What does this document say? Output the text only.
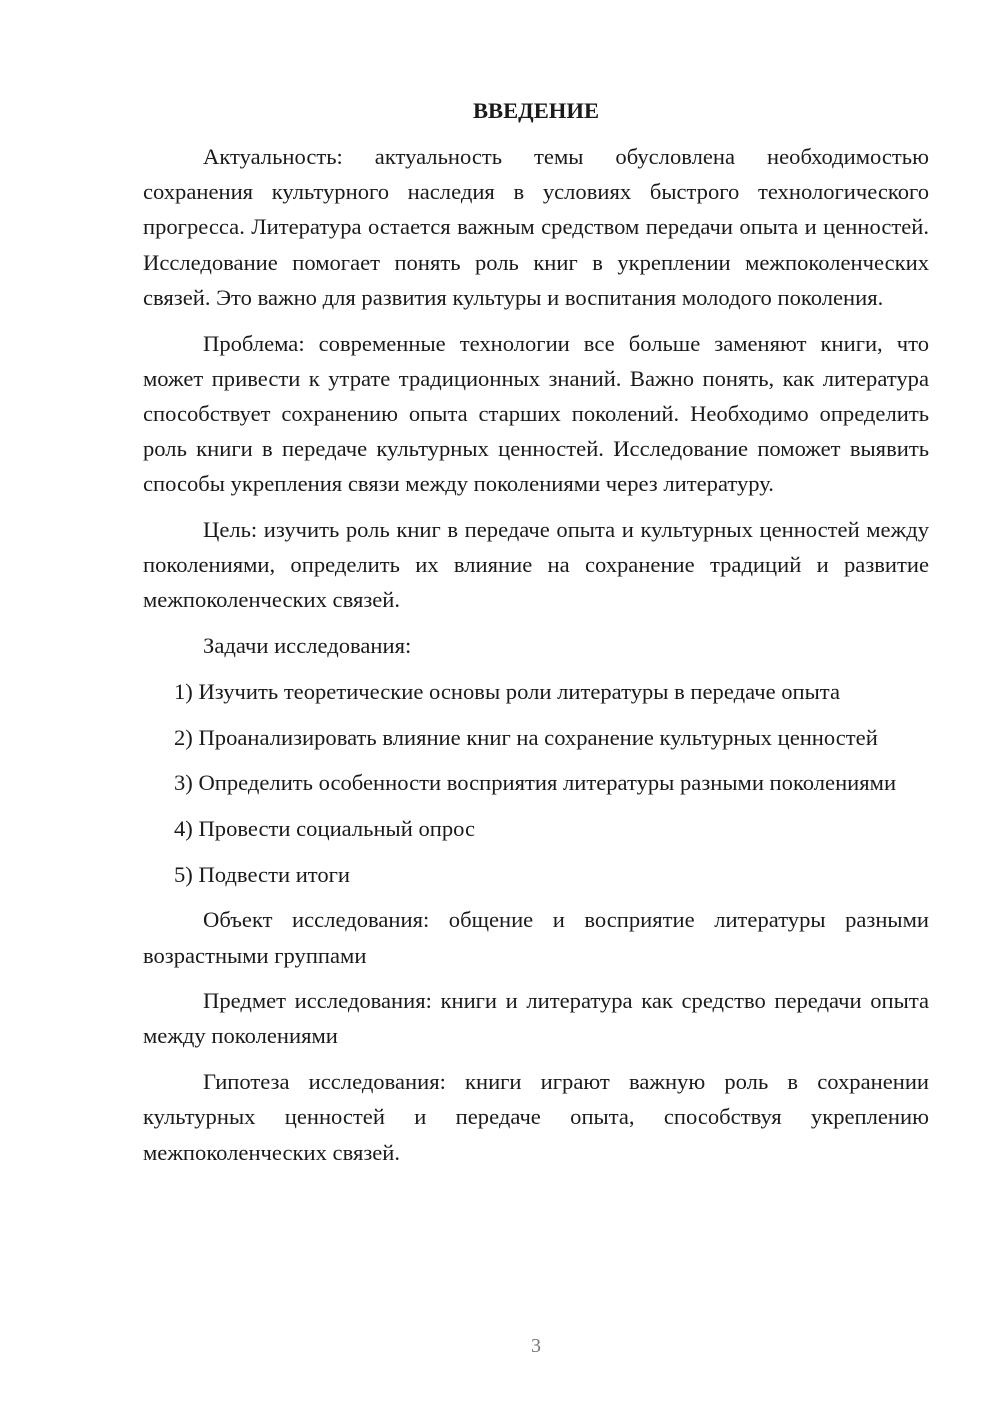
ВВЕДЕНИЕ

Актуальность: актуальность темы обусловлена необходимостью сохранения культурного наследия в условиях быстрого технологического прогресса. Литература остается важным средством передачи опыта и ценностей. Исследование помогает понять роль книг в укреплении межпоколенческих связей. Это важно для развития культуры и воспитания молодого поколения.

Проблема: современные технологии все больше заменяют книги, что может привести к утрате традиционных знаний. Важно понять, как литература способствует сохранению опыта старших поколений. Необходимо определить роль книги в передаче культурных ценностей. Исследование поможет выявить способы укрепления связи между поколениями через литературу.

Цель: изучить роль книг в передаче опыта и культурных ценностей между поколениями, определить их влияние на сохранение традиций и развитие межпоколенческих связей.

Задачи исследования:

1) Изучить теоретические основы роли литературы в передаче опыта

2) Проанализировать влияние книг на сохранение культурных ценностей

3) Определить особенности восприятия литературы разными поколениями

4) Провести социальный опрос

5) Подвести итоги

Объект исследования: общение и восприятие литературы разными возрастными группами

Предмет исследования: книги и литература как средство передачи опыта между поколениями

Гипотеза исследования: книги играют важную роль в сохранении культурных ценностей и передаче опыта, способствуя укреплению межпоколенческих связей.

3
